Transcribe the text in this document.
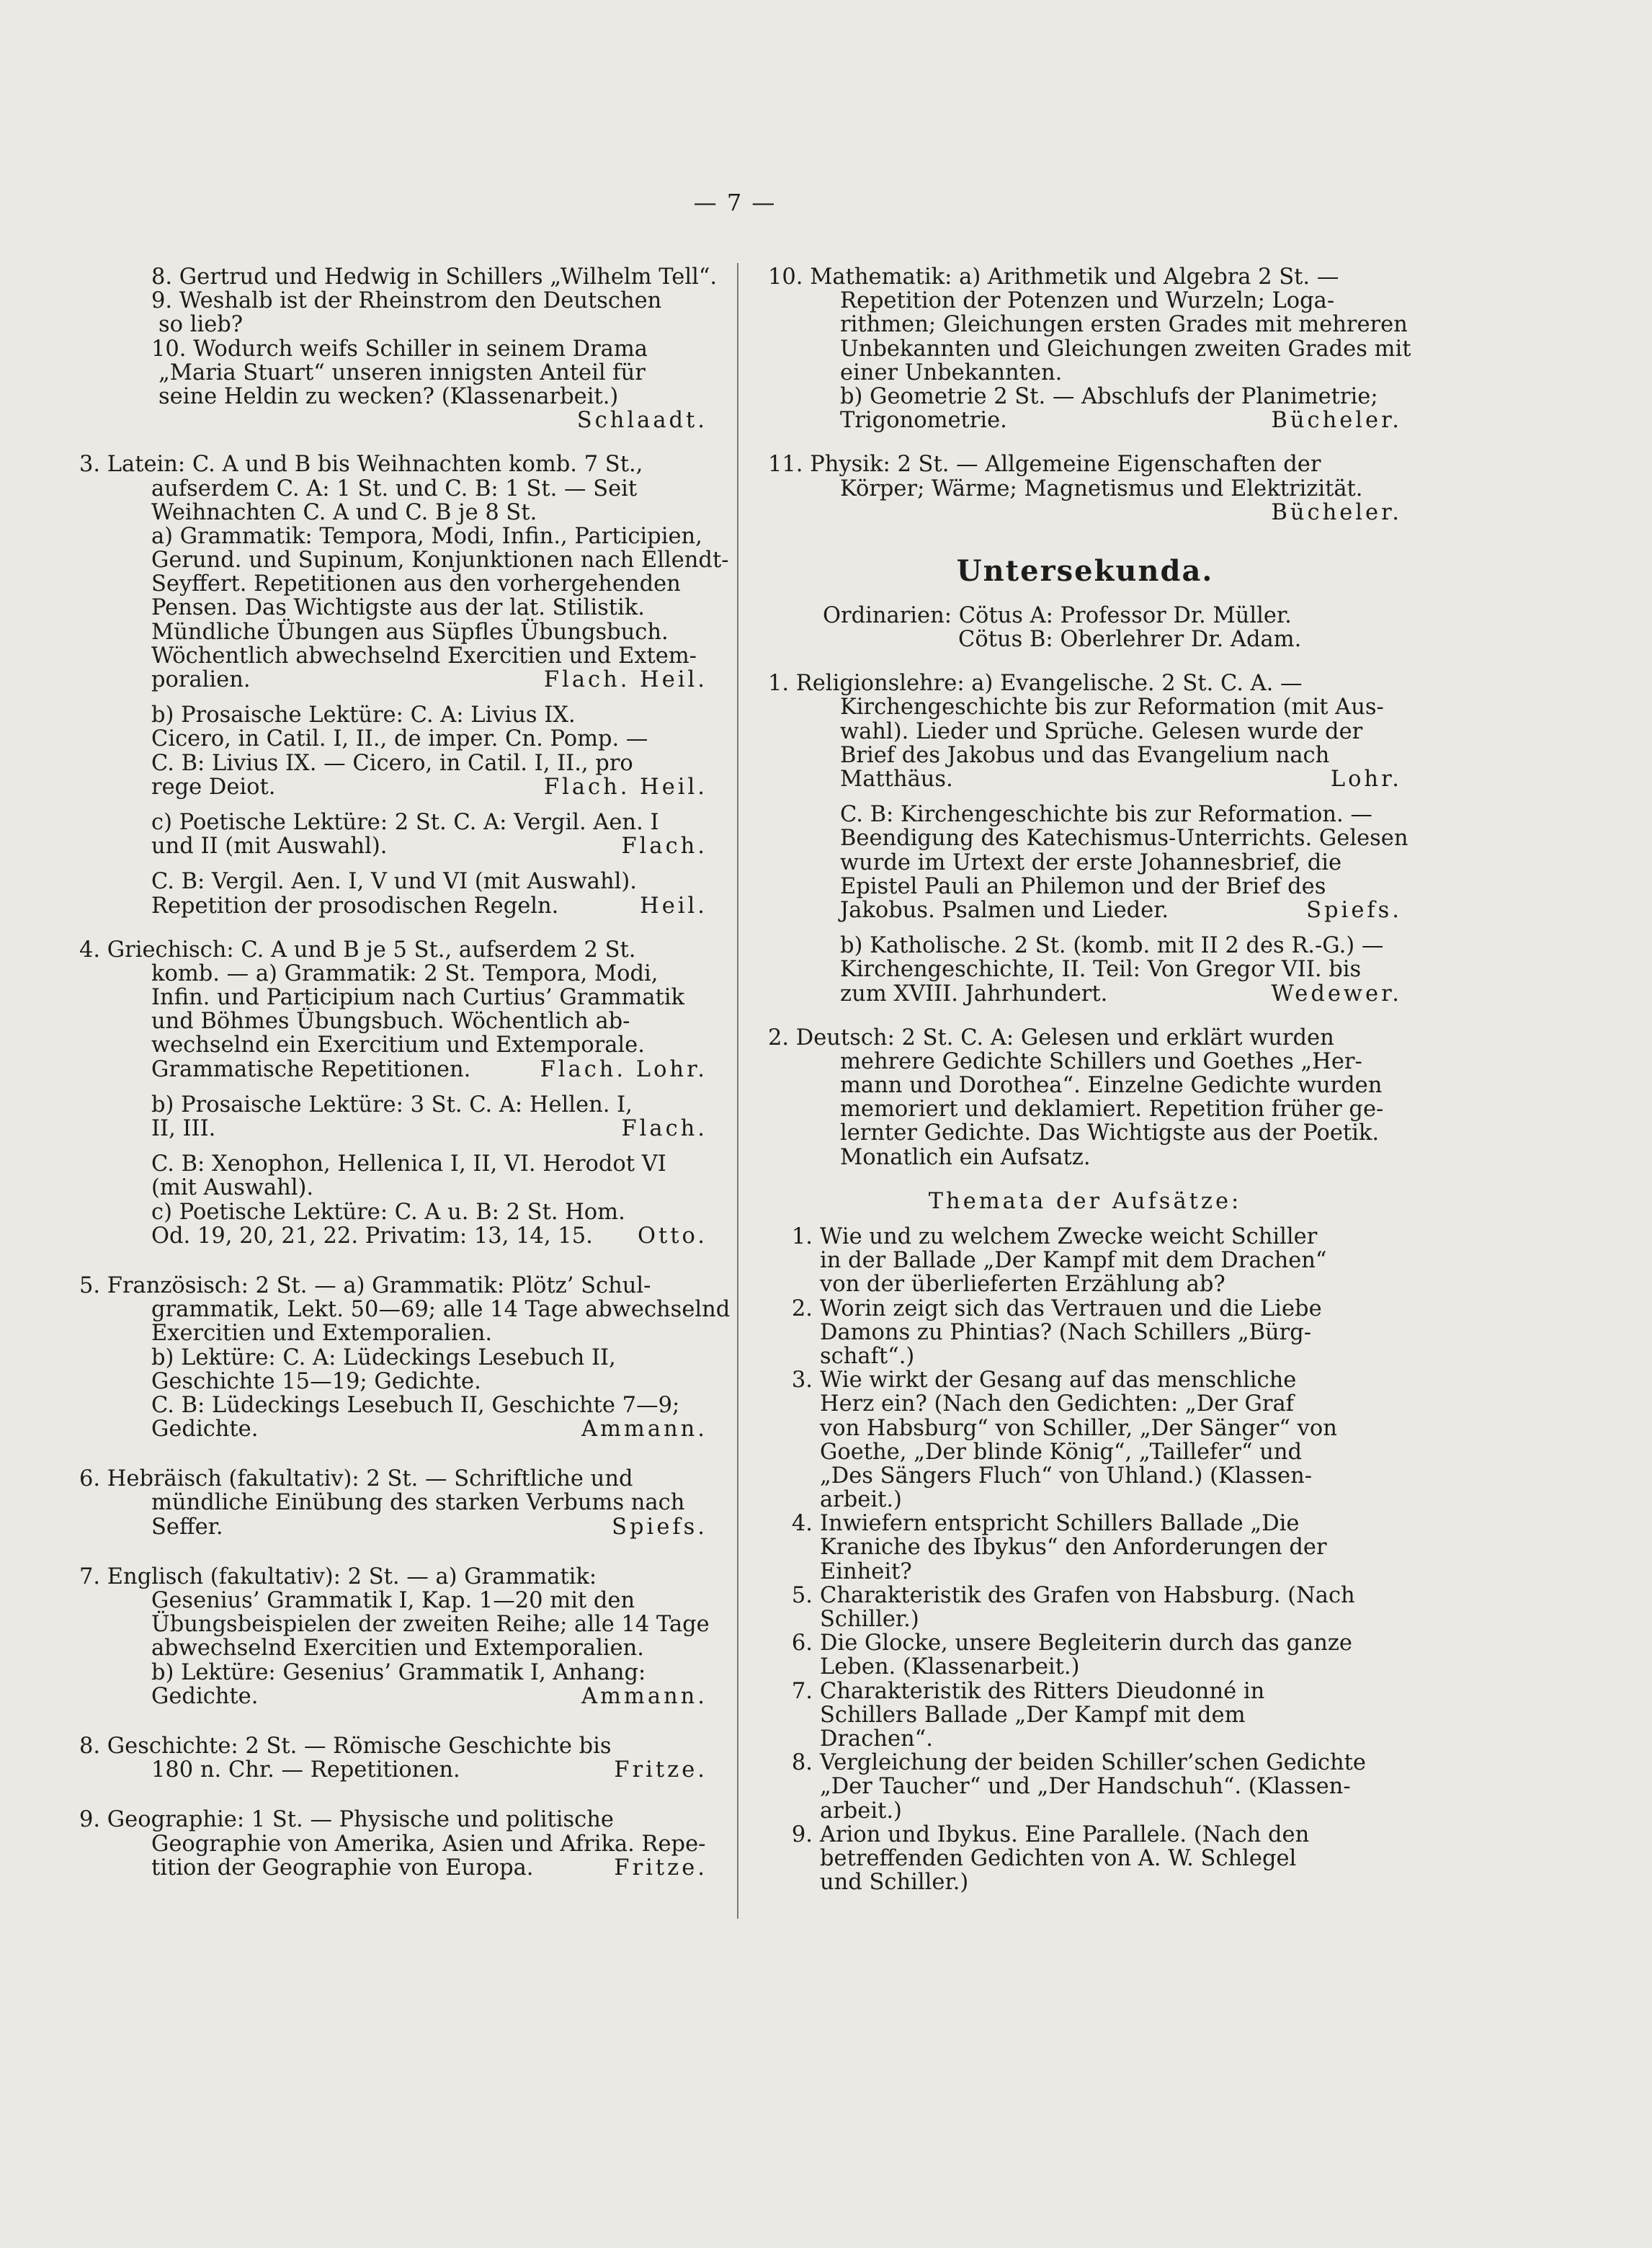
— 7 —
8. Gertrud und Hedwig in Schillers „Wilhelm Tell“.
9. Weshalb ist der Rheinstrom den Deutschen
so lieb?
10. Wodurch weifs Schiller in seinem Drama
„Maria Stuart“ unseren innigsten Anteil für
seine Heldin zu wecken? (Klassenarbeit.)
Schlaadt.
3. Latein: C. A und B bis Weihnachten komb. 7 St.,
aufserdem C. A: 1 St. und C. B: 1 St. — Seit
Weihnachten C. A und C. B je 8 St.
a) Grammatik: Tempora, Modi, Infin., Participien,
Gerund. und Supinum, Konjunktionen nach Ellendt-
Seyffert. Repetitionen aus den vorhergehenden
Pensen. Das Wichtigste aus der lat. Stilistik.
Mündliche Übungen aus Süpfles Übungsbuch.
Wöchentlich abwechselnd Exercitien und Extem-
poralien.	Flach. Heil.
b) Prosaische Lektüre: C. A: Livius IX.
Cicero, in Catil. I, II., de imper. Cn. Pomp. —
C. B: Livius IX. — Cicero, in Catil. I, II., pro
rege Deiot.	Flach. Heil.
c) Poetische Lektüre: 2 St. C. A: Vergil. Aen. I
und II (mit Auswahl).	Flach.
C. B: Vergil. Aen. I, V und VI (mit Auswahl).
Repetition der prosodischen Regeln.	Heil.
4. Griechisch: C. A und B je 5 St., aufserdem 2 St.
komb. — a) Grammatik: 2 St. Tempora, Modi,
Infin. und Participium nach Curtius’ Grammatik
und Böhmes Übungsbuch. Wöchentlich ab-
wechselnd ein Exercitium und Extemporale.
Grammatische Repetitionen.	Flach. Lohr.
b) Prosaische Lektüre: 3 St. C. A: Hellen. I,
II, III.	Flach.
C. B: Xenophon, Hellenica I, II, VI. Herodot VI
(mit Auswahl).
c) Poetische Lektüre: C. A u. B: 2 St. Hom.
Od. 19, 20, 21, 22. Privatim: 13, 14, 15. Otto.
5. Französisch: 2 St. — a) Grammatik: Plötz’ Schul-
grammatik, Lekt. 50—69; alle 14 Tage abwechselnd
Exercitien und Extemporalien.
b) Lektüre: C. A: Lüdeckings Lesebuch II,
Geschichte 15—19; Gedichte.
C. B: Lüdeckings Lesebuch II, Geschichte 7—9;
Gedichte.	Ammann.
6. Hebräisch (fakultativ): 2 St. — Schriftliche und
mündliche Einübung des starken Verbums nach
Seffer.	Spiefs.
7. Englisch (fakultativ): 2 St. — a) Grammatik:
Gesenius’ Grammatik I, Kap. 1—20 mit den
Übungsbeispielen der zweiten Reihe; alle 14 Tage
abwechselnd Exercitien und Extemporalien.
b) Lektüre: Gesenius’ Grammatik I, Anhang:
Gedichte.	Ammann.
8. Geschichte: 2 St. — Römische Geschichte bis
180 n. Chr. — Repetitionen.	Fritze.
9. Geographie: 1 St. — Physische und politische
Geographie von Amerika, Asien und Afrika. Repe-
tition der Geographie von Europa.	Fritze.
10. Mathematik: a) Arithmetik und Algebra 2 St. —
Repetition der Potenzen und Wurzeln; Loga-
rithmen; Gleichungen ersten Grades mit mehreren
Unbekannten und Gleichungen zweiten Grades mit
einer Unbekannten.
b) Geometrie 2 St. — Abschlufs der Planimetrie;
Trigonometrie.	Bücheler.
11. Physik: 2 St. — Allgemeine Eigenschaften der
Körper; Wärme; Magnetismus und Elektrizität.
Bücheler.
Untersekunda.
Ordinarien: Cötus A: Professor Dr. Müller.
Cötus B: Oberlehrer Dr. Adam.
1. Religionslehre: a) Evangelische. 2 St. C. A. —
Kirchengeschichte bis zur Reformation (mit Aus-
wahl). Lieder und Sprüche. Gelesen wurde der
Brief des Jakobus und das Evangelium nach
Matthäus.	Lohr.
C. B: Kirchengeschichte bis zur Reformation. —
Beendigung des Katechismus-Unterrichts. Gelesen
wurde im Urtext der erste Johannesbrief, die
Epistel Pauli an Philemon und der Brief des
Jakobus. Psalmen und Lieder.	Spiefs.
b) Katholische. 2 St. (komb. mit II 2 des R.-G.) —
Kirchengeschichte, II. Teil: Von Gregor VII. bis
zum XVIII. Jahrhundert.	Wedewer.
2. Deutsch: 2 St. C. A: Gelesen und erklärt wurden
mehrere Gedichte Schillers und Goethes „Her-
mann und Dorothea“. Einzelne Gedichte wurden
memoriert und deklamiert. Repetition früher ge-
lernter Gedichte. Das Wichtigste aus der Poetik.
Monatlich ein Aufsatz.
Themata der Aufsätze:
1. Wie und zu welchem Zwecke weicht Schiller
in der Ballade „Der Kampf mit dem Drachen“
von der überlieferten Erzählung ab?
2. Worin zeigt sich das Vertrauen und die Liebe
Damons zu Phintias? (Nach Schillers „Bürg-
schaft“.)
3. Wie wirkt der Gesang auf das menschliche
Herz ein? (Nach den Gedichten: „Der Graf
von Habsburg“ von Schiller, „Der Sänger“ von
Goethe, „Der blinde König“, „Taillefer“ und
„Des Sängers Fluch“ von Uhland.) (Klassen-
arbeit.)
4. Inwiefern entspricht Schillers Ballade „Die
Kraniche des Ibykus“ den Anforderungen der
Einheit?
5. Charakteristik des Grafen von Habsburg. (Nach
Schiller.)
6. Die Glocke, unsere Begleiterin durch das ganze
Leben. (Klassenarbeit.)
7. Charakteristik des Ritters Dieudonné in
Schillers Ballade „Der Kampf mit dem
Drachen“.
8. Vergleichung der beiden Schiller’schen Gedichte
„Der Taucher“ und „Der Handschuh“. (Klassen-
arbeit.)
9. Arion und Ibykus. Eine Parallele. (Nach den
betreffenden Gedichten von A. W. Schlegel
und Schiller.)
